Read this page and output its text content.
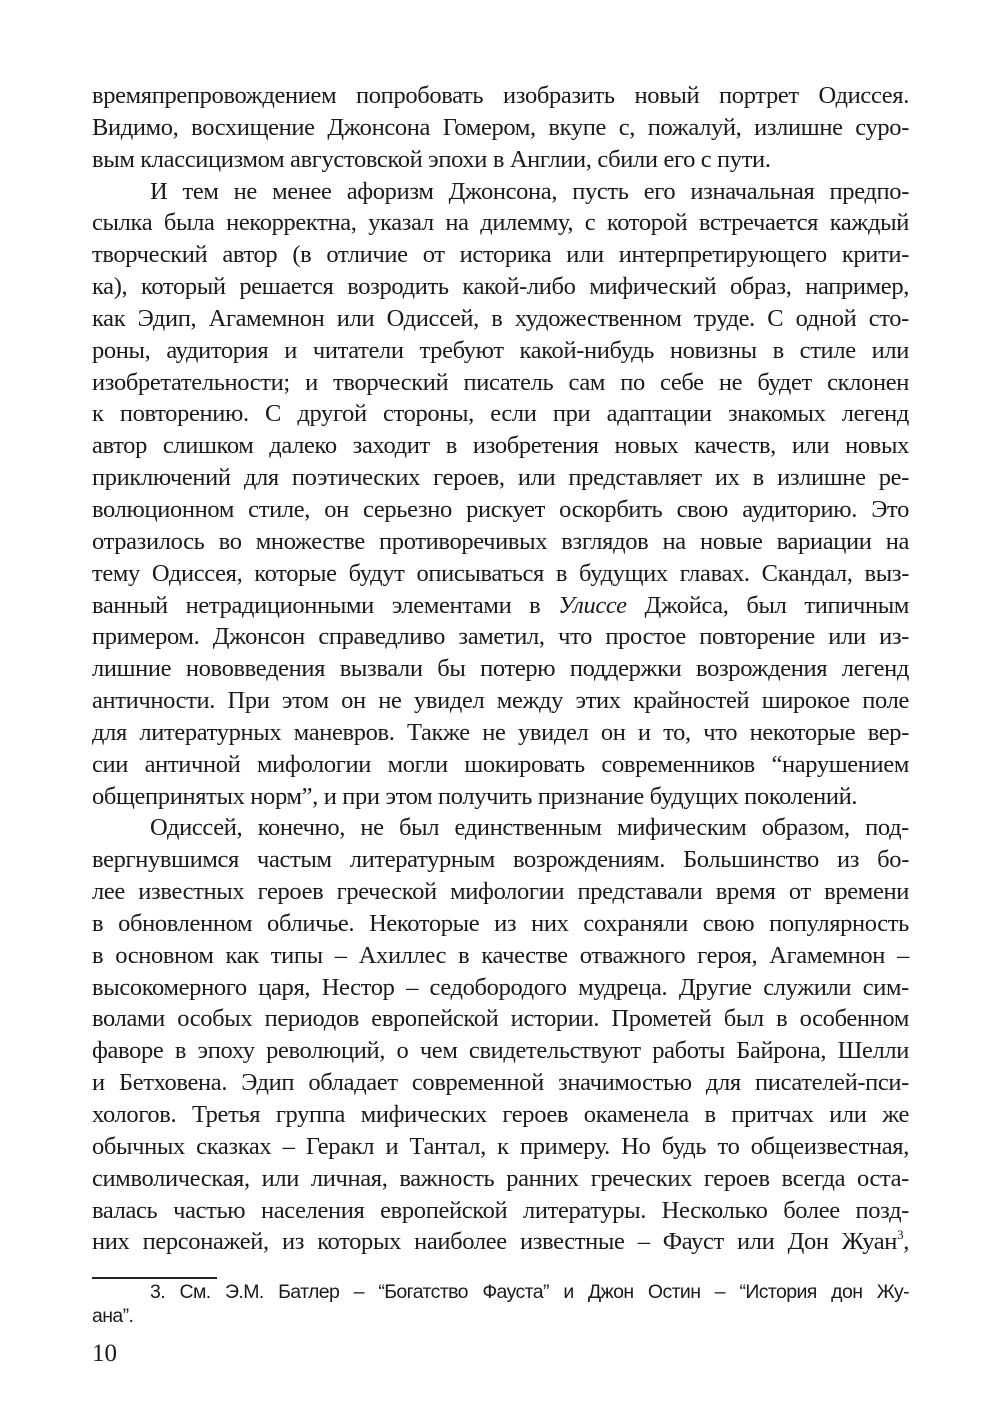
времяпрепровождением попробовать изобразить новый портрет Одиссея.
Видимо, восхищение Джонсона Гомером, вкупе с, пожалуй, излишне суро-
вым классицизмом августовской эпохи в Англии, сбили его с пути.
И тем не менее афоризм Джонсона, пусть его изначальная предпо-
сылка была некорректна, указал на дилемму, с которой встречается каждый
творческий автор (в отличие от историка или интерпретирующего крити-
ка), который решается возродить какой-либо мифический образ, например,
как Эдип, Агамемнон или Одиссей, в художественном труде. С одной сто-
роны, аудитория и читатели требуют какой-нибудь новизны в стиле или
изобретательности; и творческий писатель сам по себе не будет склонен
к повторению. С другой стороны, если при адаптации знакомых легенд
автор слишком далеко заходит в изобретения новых качеств, или новых
приключений для поэтических героев, или представляет их в излишне ре-
волюционном стиле, он серьезно рискует оскорбить свою аудиторию. Это
отразилось во множестве противоречивых взглядов на новые вариации на
тему Одиссея, которые будут описываться в будущих главах. Скандал, выз-
ванный нетрадиционными элементами в Улиссе Джойса, был типичным
примером. Джонсон справедливо заметил, что простое повторение или из-
лишние нововведения вызвали бы потерю поддержки возрождения легенд
античности. При этом он не увидел между этих крайностей широкое поле
для литературных маневров. Также не увидел он и то, что некоторые вер-
сии античной мифологии могли шокировать современников “нарушением
общепринятых норм”, и при этом получить признание будущих поколений.
Одиссей, конечно, не был единственным мифическим образом, под-
вергнувшимся частым литературным возрождениям. Большинство из бо-
лее известных героев греческой мифологии представали время от времени
в обновленном обличье. Некоторые из них сохраняли свою популярность
в основном как типы – Ахиллес в качестве отважного героя, Агамемнон –
высокомерного царя, Нестор – седобородого мудреца. Другие служили сим-
волами особых периодов европейской истории. Прометей был в особенном
фаворе в эпоху революций, о чем свидетельствуют работы Байрона, Шелли
и Бетховена. Эдип обладает современной значимостью для писателей-пси-
хологов. Третья группа мифических героев окаменела в притчах или же
обычных сказках – Геракл и Тантал, к примеру. Но будь то общеизвестная,
символическая, или личная, важность ранних греческих героев всегда оста-
валась частью населения европейской литературы. Несколько более позд-
них персонажей, из которых наиболее известные – Фауст или Дон Жуан$^3$,
3. См. Э.М. Батлер – “Богатство Фауста” и Джон Остин – “История дон Жу-
ана”.
10
